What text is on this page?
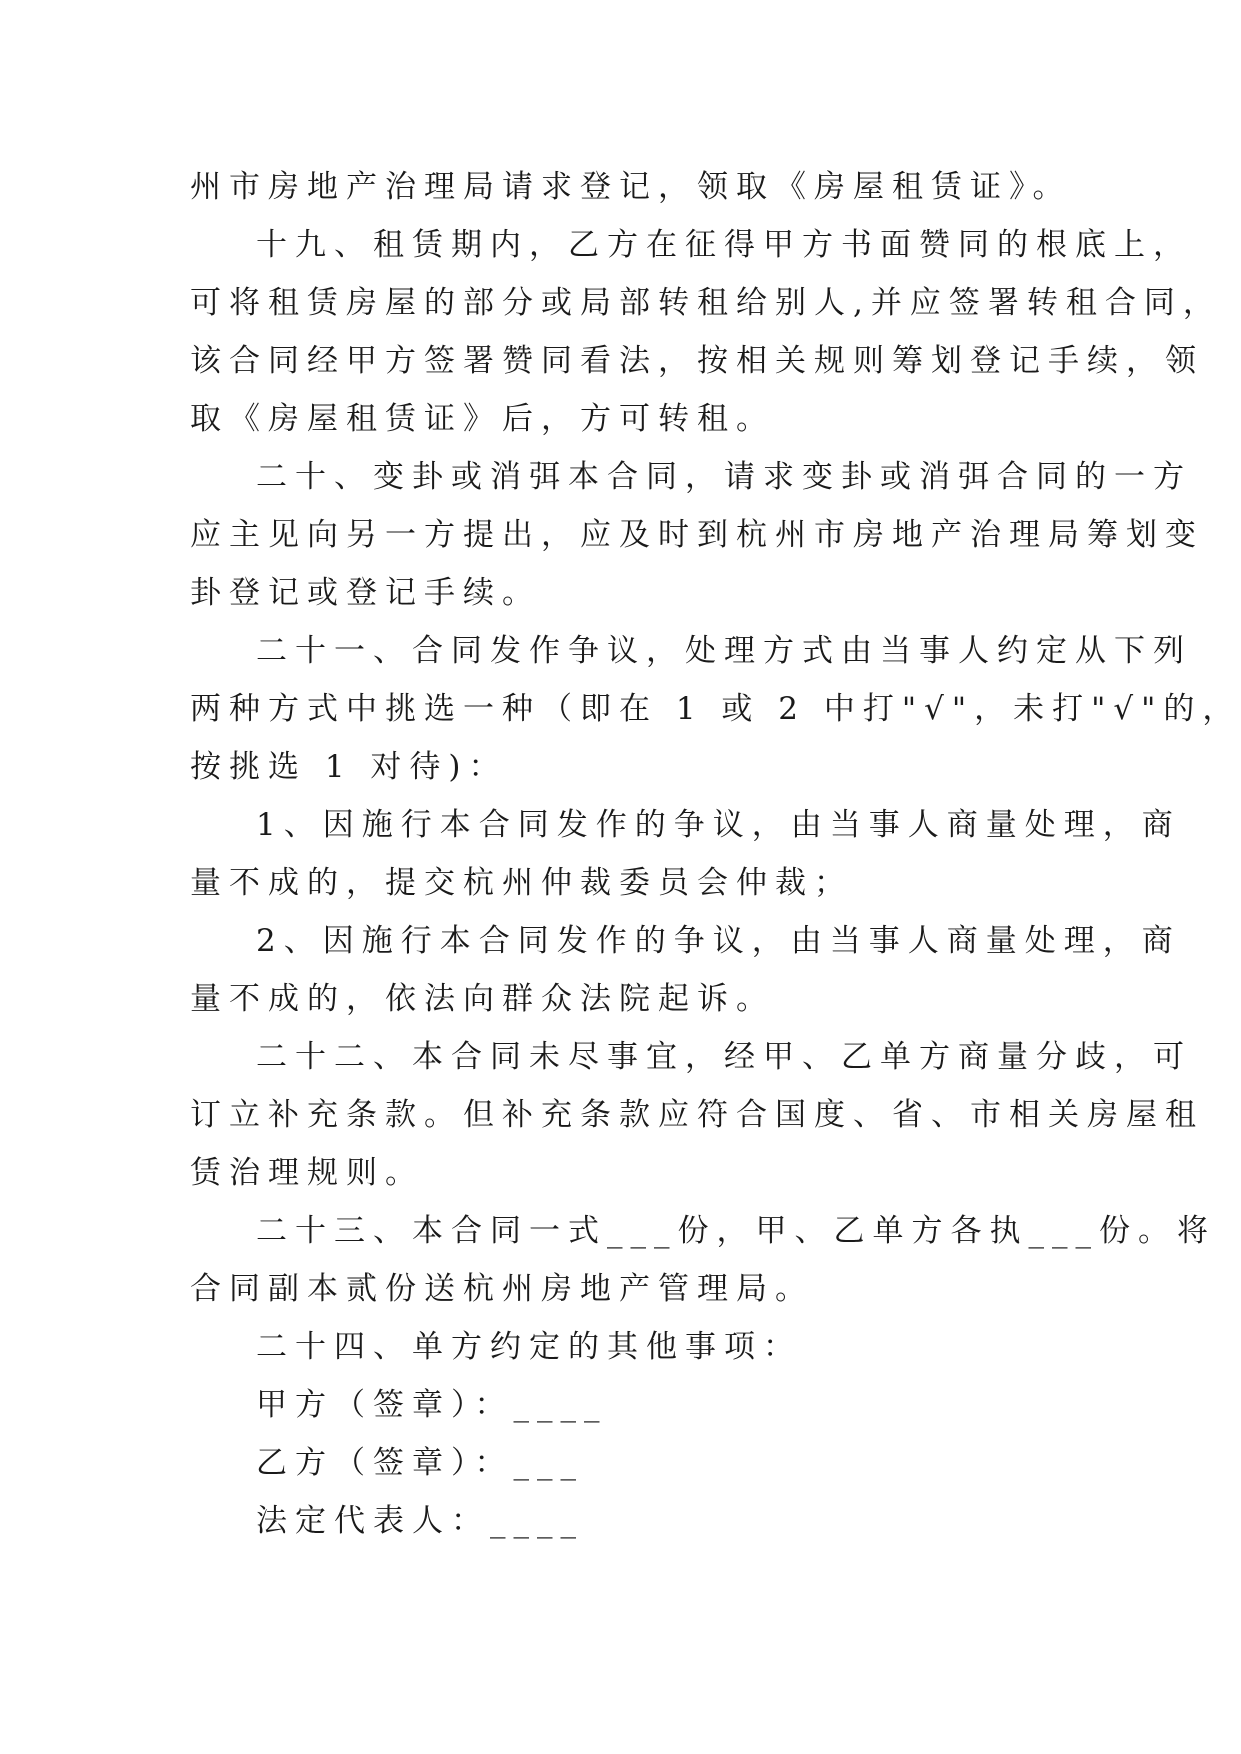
州市房地产治理局请求登记，领取《房屋租赁证》。
十九、租赁期内，乙方在征得甲方书面赞同的根底上，
可将租赁房屋的部分或局部转租给别人,并应签署转租合同，
该合同经甲方签署赞同看法，按相关规则筹划登记手续，领
取《房屋租赁证》后，方可转租。
二十、变卦或消弭本合同，请求变卦或消弭合同的一方
应主见向另一方提出，应及时到杭州市房地产治理局筹划变
卦登记或登记手续。
二十一、合同发作争议，处理方式由当事人约定从下列
两种方式中挑选一种（即在 1 或 2 中打"√"，未打"√"的，
按挑选 1 对待)：
1、因施行本合同发作的争议，由当事人商量处理，商
量不成的，提交杭州仲裁委员会仲裁；
2、因施行本合同发作的争议，由当事人商量处理，商
量不成的，依法向群众法院起诉。
二十二、本合同未尽事宜，经甲、乙单方商量分歧，可
订立补充条款。但补充条款应符合国度、省、市相关房屋租
赁治理规则。
二十三、本合同一式___份，甲、乙单方各执___份。将
合同副本贰份送杭州房地产管理局。
二十四、单方约定的其他事项：
甲方（签章）：____
乙方（签章）：___
法定代表人：____
